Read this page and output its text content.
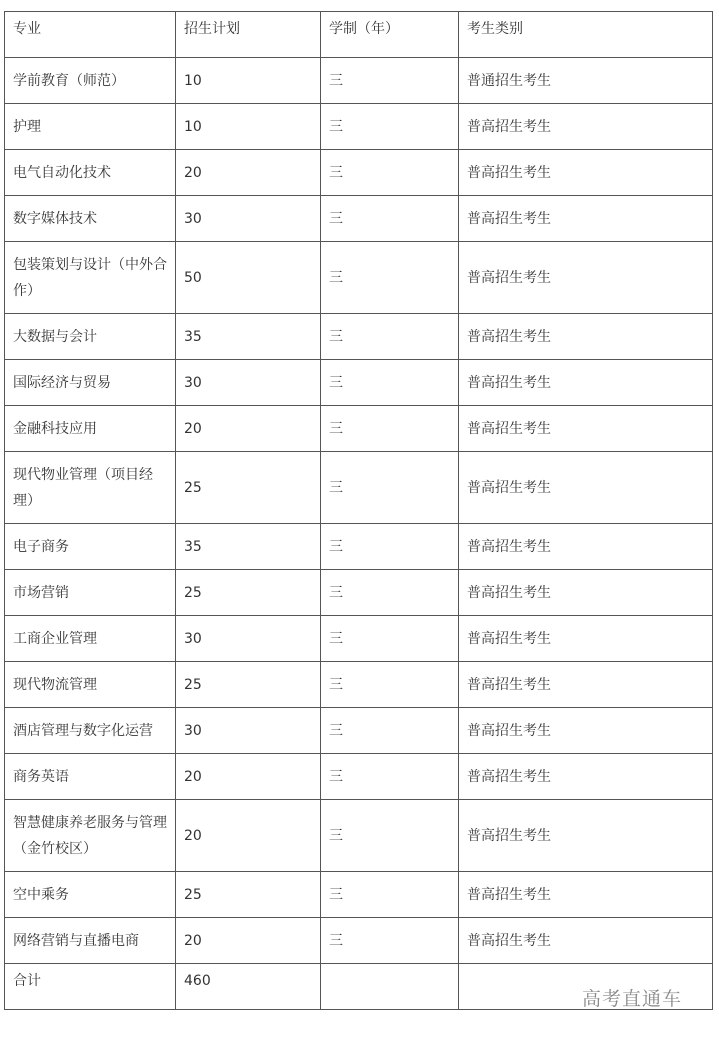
专业	招生计划	学制（年）	考生类别
学前教育（师范）	10	三	普通招生考生
护理	10	三	普高招生考生
电气自动化技术	20	三	普高招生考生
数字媒体技术	30	三	普高招生考生
包装策划与设计（中外合作）	50	三	普高招生考生
大数据与会计	35	三	普高招生考生
国际经济与贸易	30	三	普高招生考生
金融科技应用	20	三	普高招生考生
现代物业管理（项目经理）	25	三	普高招生考生
电子商务	35	三	普高招生考生
市场营销	25	三	普高招生考生
工商企业管理	30	三	普高招生考生
现代物流管理	25	三	普高招生考生
酒店管理与数字化运营	30	三	普高招生考生
商务英语	20	三	普高招生考生
智慧健康养老服务与管理（金竹校区）	20	三	普高招生考生
空中乘务	25	三	普高招生考生
网络营销与直播电商	20	三	普高招生考生
合计	460		
高考直通车
